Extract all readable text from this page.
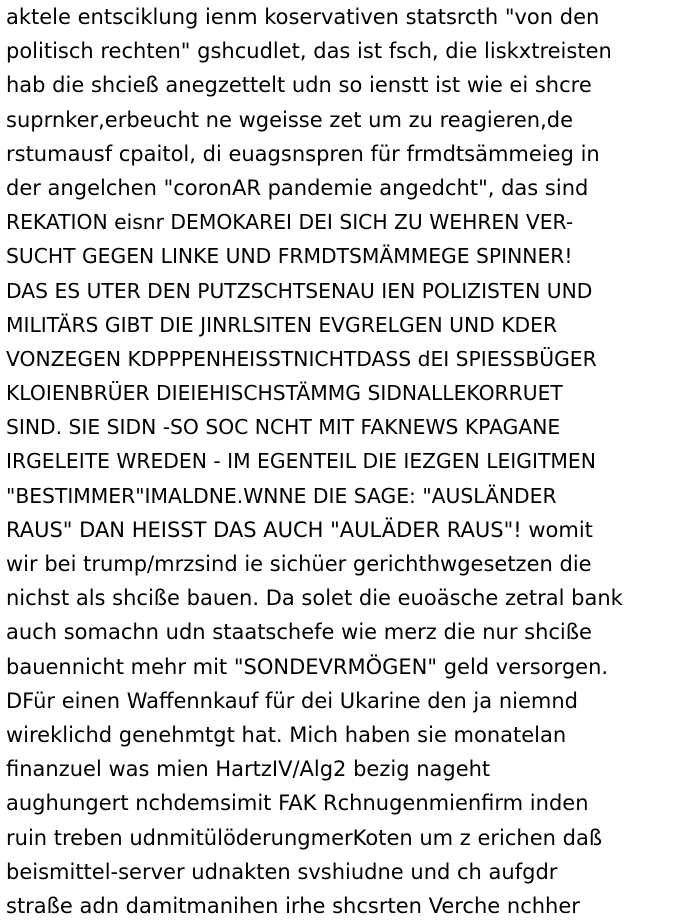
aktele entsciklung ienm koservativen statsrcth "von den
politisch rechten" gshcudlet, das ist fsch, die liskxtreisten
hab die shcieß anegzettelt udn so ienstt ist wie ei shcre
suprnker,erbeucht ne wgeisse zet um zu reagieren,de
rstumausf cpaitol, di euagsnspren für frmdtsämmeieg in
der angelchen "coronAR pandemie angedcht", das sind
REKATION eisnr DEMOKAREI DEI SICH ZU WEHREN VER-
SUCHT GEGEN LINKE UND FRMDTSMÄMMEGE SPINNER!
DAS ES UTER DEN PUTZSCHTSENAU IEN POLIZISTEN UND
MILITÄRS GIBT DIE JINRLSITEN EVGRELGEN UND KDER
VONZEGEN KDPPPENHEISSTNICHTDASS dEI SPIESSBÜGER
KLOIENBRÜER DIEIEHISCHSTÄMMG SIDNALLEKORRUET
SIND. SIE SIDN -SO SOC NCHT MIT FAKNEWS KPAGANE
IRGELEITE WREDEN - IM EGENTEIL DIE IEZGEN LEIGITMEN
"BESTIMMER"IMALDNE.WNNE DIE SAGE: "AUSLÄNDER
RAUS" DAN HEISST DAS AUCH "AULÄDER RAUS"! womit
wir bei trump/mrzsind ie sichüer gerichthwgesetzen die
nichst als shciße bauen. Da solet die euoäsche zetral bank
auch somachn udn staatschefe wie merz die nur shciße
bauennicht mehr mit "SONDEVRMÖGEN" geld versorgen.
DFür einen Waffennkauf für dei Ukarine den ja niemnd
wireklichd genehmtgt hat. Mich haben sie monatelan
finanzuel was mien HartzIV/Alg2 bezig nageht
aughungert nchdemsimit FAK Rchnugenmienfirm inden
ruin treben udnmitülöderungmerKoten um z erichen daß
beismittel-server udnakten svshiudne und ch aufgdr
straße adn damitmanihen irhe shcsrten Verche nchher
